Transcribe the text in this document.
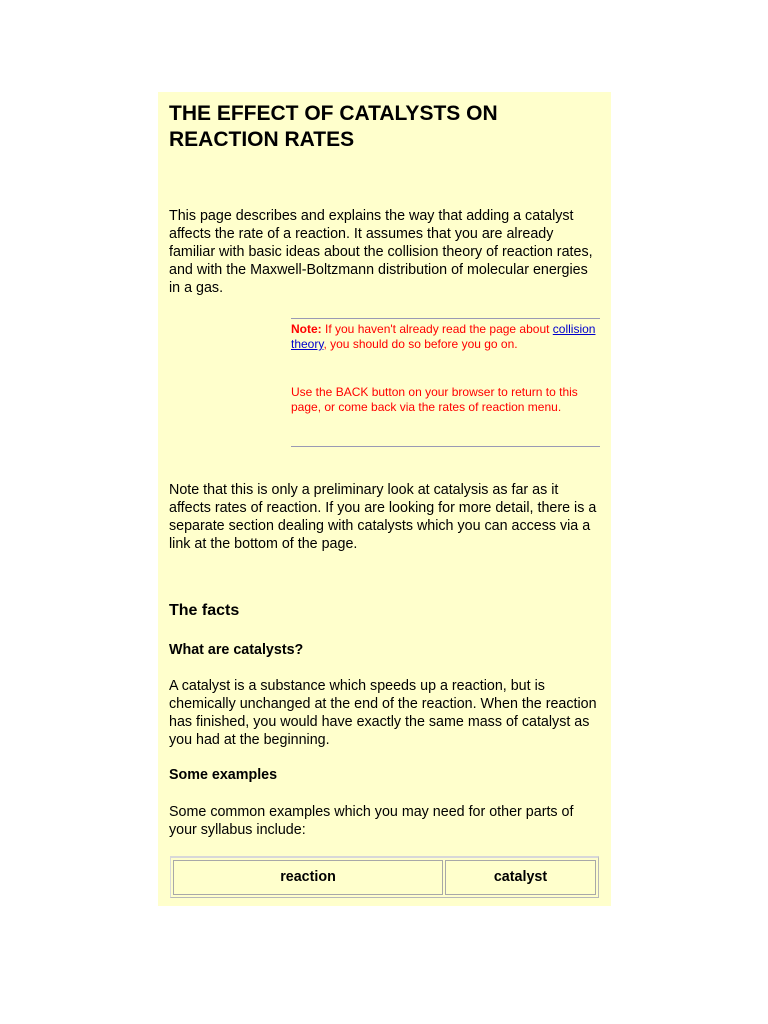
THE EFFECT OF CATALYSTS ON REACTION RATES

This page describes and explains the way that adding a catalyst affects the rate of a reaction. It assumes that you are already familiar with basic ideas about the collision theory of reaction rates, and with the Maxwell-Boltzmann distribution of molecular energies in a gas.

Note: If you haven't already read the page about collision theory, you should do so before you go on.

Use the BACK button on your browser to return to this page, or come back via the rates of reaction menu.

Note that this is only a preliminary look at catalysis as far as it affects rates of reaction. If you are looking for more detail, there is a separate section dealing with catalysts which you can access via a link at the bottom of the page.

The facts
What are catalysts?

A catalyst is a substance which speeds up a reaction, but is chemically unchanged at the end of the reaction. When the reaction has finished, you would have exactly the same mass of catalyst as you had at the beginning.

Some examples

Some common examples which you may need for other parts of your syllabus include:

reaction	catalyst
